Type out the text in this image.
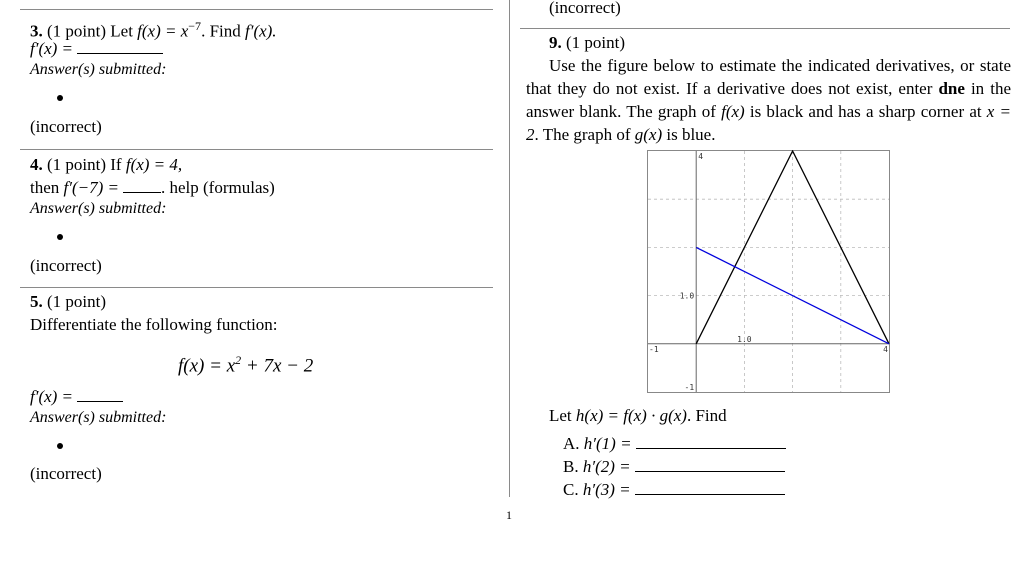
3. (1 point) Let $f(x) = x^{-7}$. Find f′(x).
f′(x) =
Answer(s) submitted:
(incorrect)
4. (1 point) If f(x) = 4,
then f′(−7) = . help (formulas)
Answer(s) submitted:
(incorrect)
5. (1 point)
Differentiate the following function:
$f(x) = x^2 + 7x - 2$
f′(x) =
Answer(s) submitted:
(incorrect)
(incorrect)
9. (1 point)
Use the figure below to estimate the indicated derivatives, or state that they do not exist. If a derivative does not exist, enter dne in the answer blank. The graph of f(x) is black and has a sharp corner at x = 2. The graph of g(x) is blue.
-1
1.0
4
4
1.0
-1
Let h(x) = f(x) · g(x). Find
A. h′(1) =
B. h′(2) =
C. h′(3) =
1
